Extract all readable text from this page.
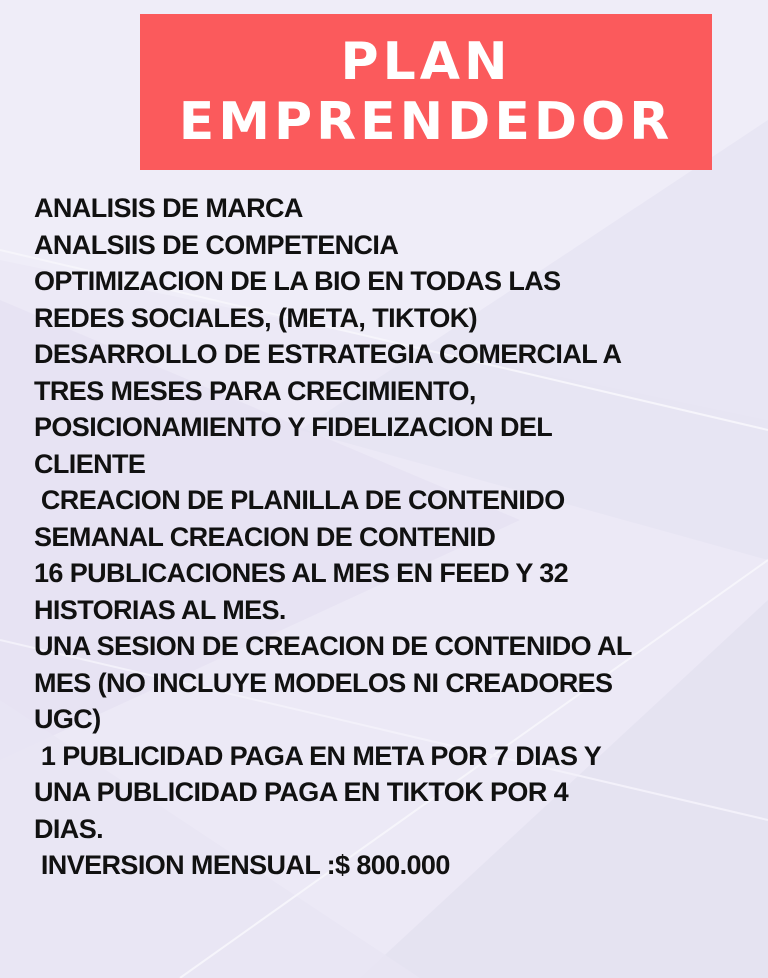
PLAN
EMPRENDEDOR
ANALISIS DE MARCA
ANALSIIS DE COMPETENCIA
OPTIMIZACION DE LA BIO EN TODAS LAS
REDES SOCIALES, (META, TIKTOK)
DESARROLLO DE ESTRATEGIA COMERCIAL A
TRES MESES PARA CRECIMIENTO,
POSICIONAMIENTO Y FIDELIZACION DEL
CLIENTE
CREACION DE PLANILLA DE CONTENIDO
SEMANAL CREACION DE CONTENID
16 PUBLICACIONES AL MES EN FEED Y 32
HISTORIAS AL MES.
UNA SESION DE CREACION DE CONTENIDO AL
MES (NO INCLUYE MODELOS NI CREADORES
UGC)
1 PUBLICIDAD PAGA EN META POR 7 DIAS Y
UNA PUBLICIDAD PAGA EN TIKTOK POR 4
DIAS.
INVERSION MENSUAL :$ 800.000
